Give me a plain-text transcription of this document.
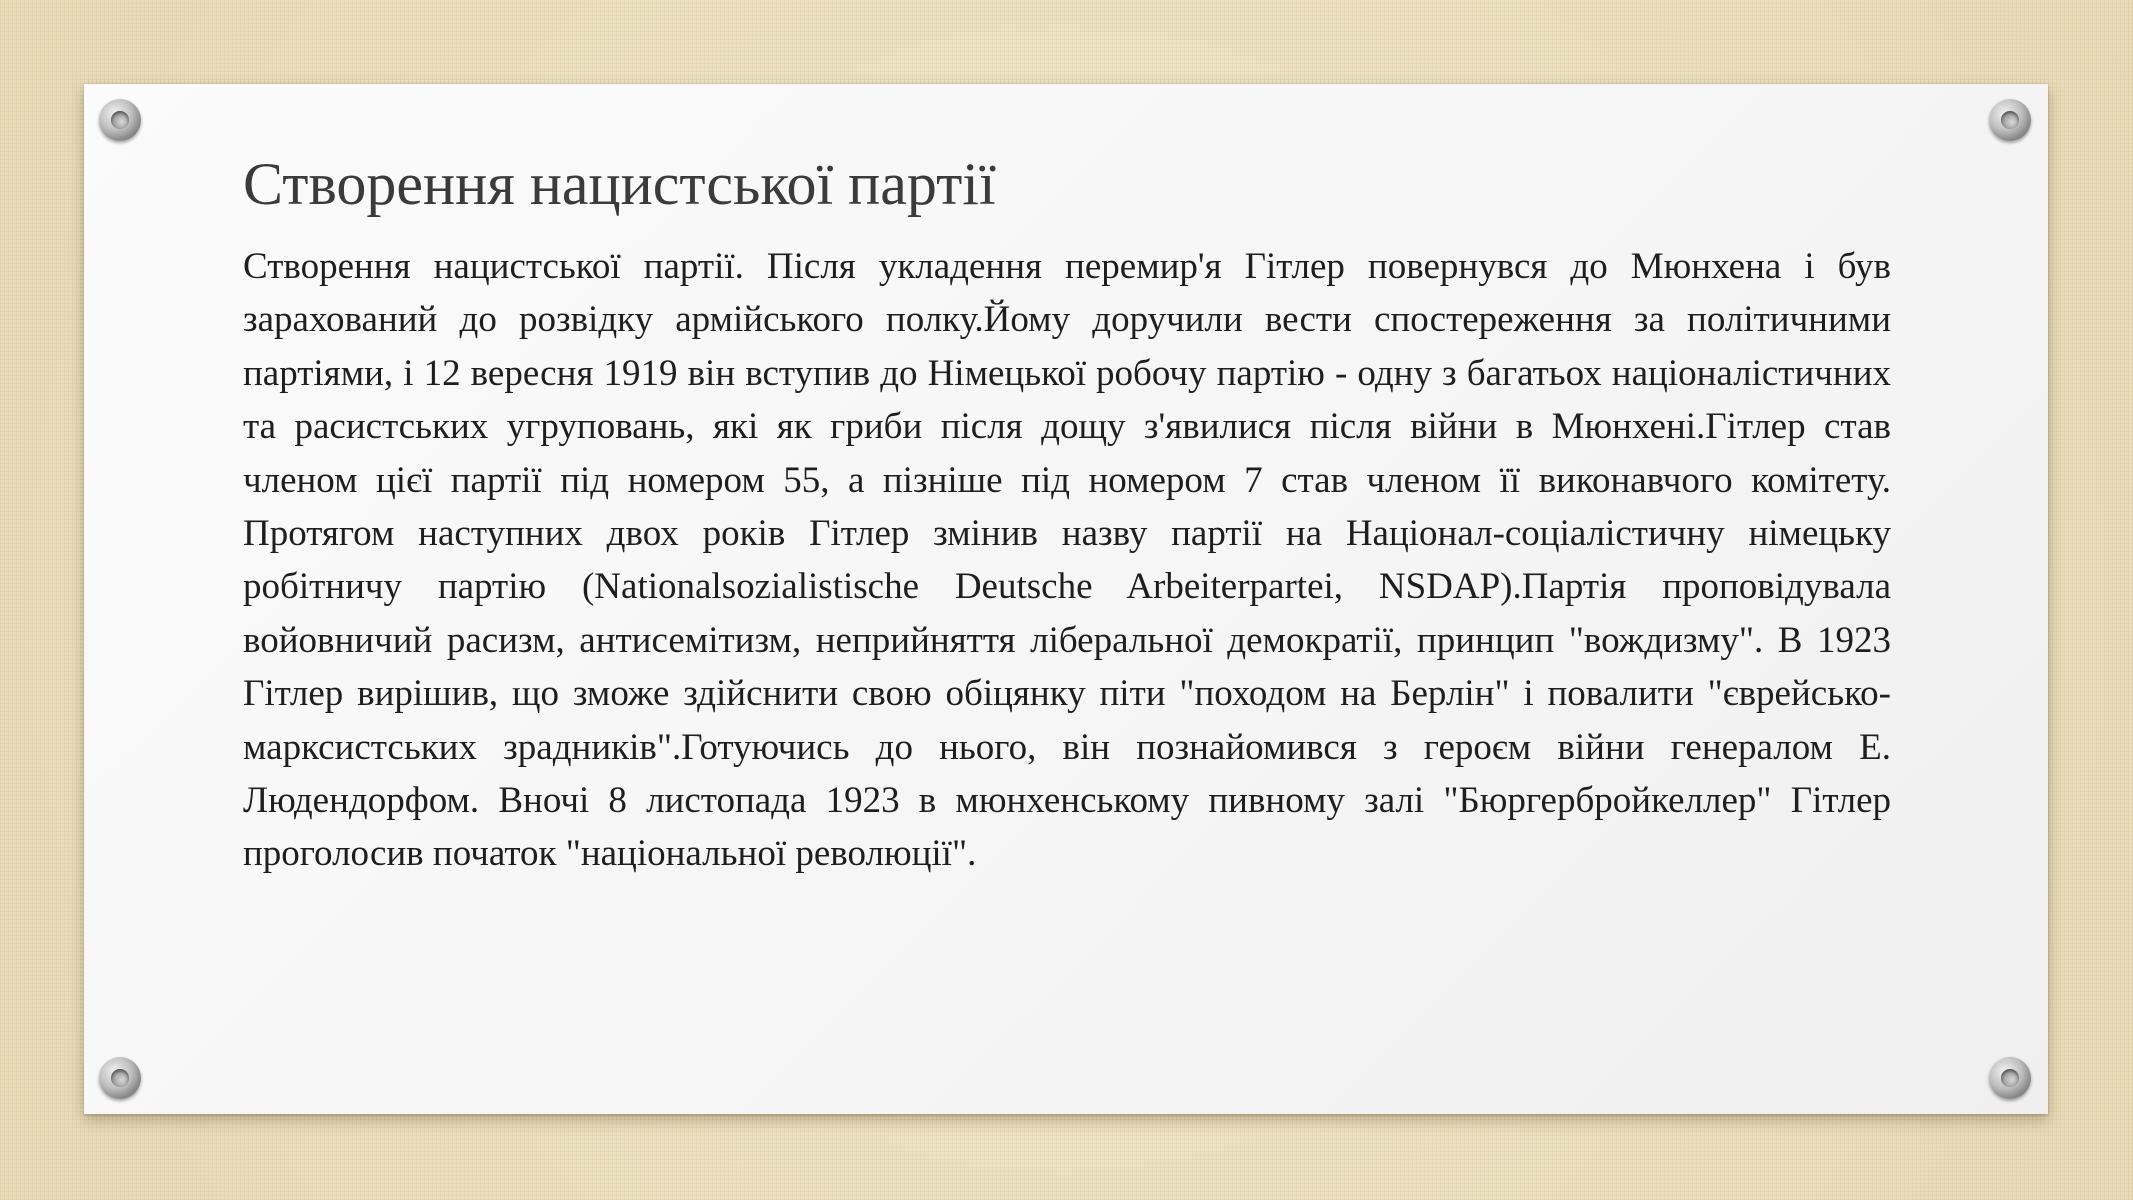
Створення нацистської партії

Створення нацистської партії. Після укладення перемир'я Гітлер повернувся до Мюнхена і був зарахований до розвідку армійського полку.Йому доручили вести спостереження за політичними партіями, і 12 вересня 1919 він вступив до Німецької робочу партію - одну з багатьох націоналістичних та расистських угруповань, які як гриби після дощу з'явилися після війни в Мюнхені.Гітлер став членом цієї партії під номером 55, а пізніше під номером 7 став членом її виконавчого комітету. Протягом наступних двох років Гітлер змінив назву партії на Націонал-соціалістичну німецьку робітничу партію (Nationalsozialistische Deutsche Arbeiterpartei, NSDAP).Партія проповідувала войовничий расизм, антисемітизм, неприйняття ліберальної демократії, принцип "вождизму". В 1923 Гітлер вирішив, що зможе здійснити свою обіцянку піти "походом на Берлін" і повалити "єврейсько-марксистських зрадників".Готуючись до нього, він познайомився з героєм війни генералом Е. Людендорфом. Вночі 8 листопада 1923 в мюнхенському пивному залі "Бюргербройкеллер" Гітлер проголосив початок "національної революції".
